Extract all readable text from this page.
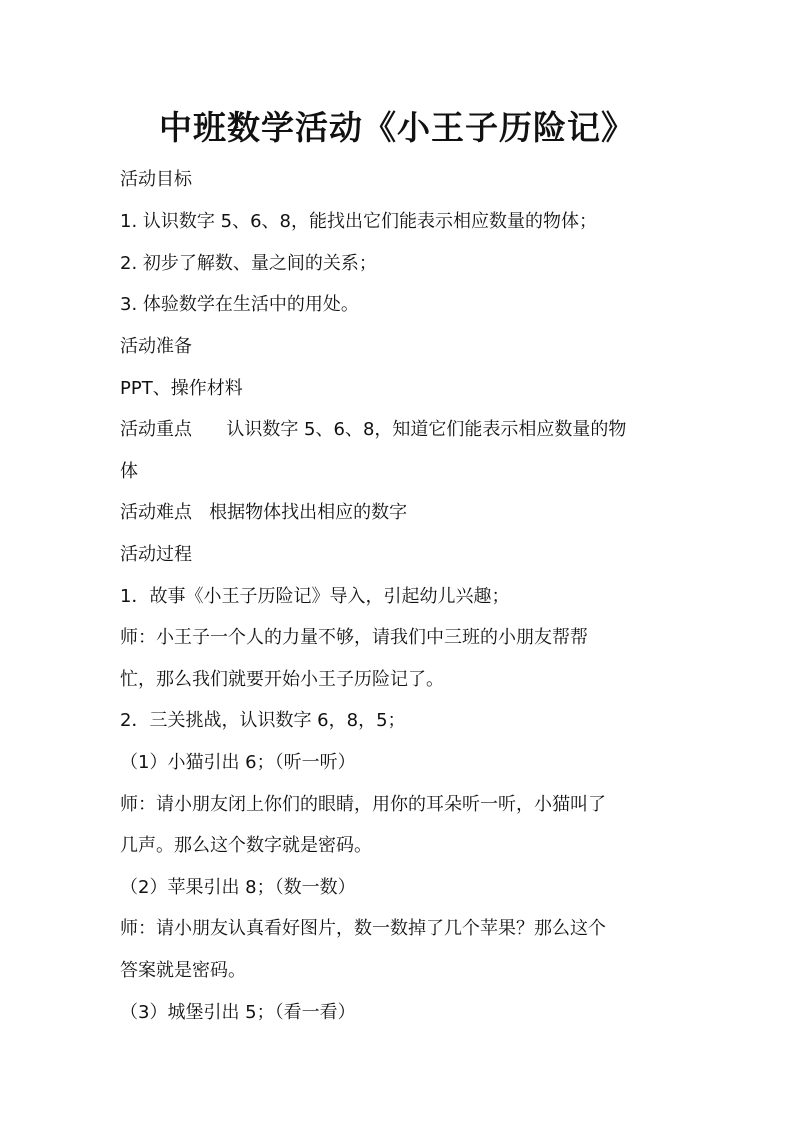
中班数学活动《小王子历险记》

活动目标

1. 认识数字 5、6、8，能找出它们能表示相应数量的物体；

2. 初步了解数、量之间的关系；

3. 体验数学在生活中的用处。

活动准备

PPT、操作材料

活动重点      认识数字 5、6、8，知道它们能表示相应数量的物

体

活动难点   根据物体找出相应的数字

活动过程

1．故事《小王子历险记》导入，引起幼儿兴趣；

师：小王子一个人的力量不够，请我们中三班的小朋友帮帮

忙，那么我们就要开始小王子历险记了。

2．三关挑战，认识数字 6，8，5；

（1）小猫引出 6；（听一听）

师：请小朋友闭上你们的眼睛，用你的耳朵听一听，小猫叫了

几声。那么这个数字就是密码。

（2）苹果引出 8；（数一数）

师：请小朋友认真看好图片，数一数掉了几个苹果？那么这个

答案就是密码。

（3）城堡引出 5；（看一看）
